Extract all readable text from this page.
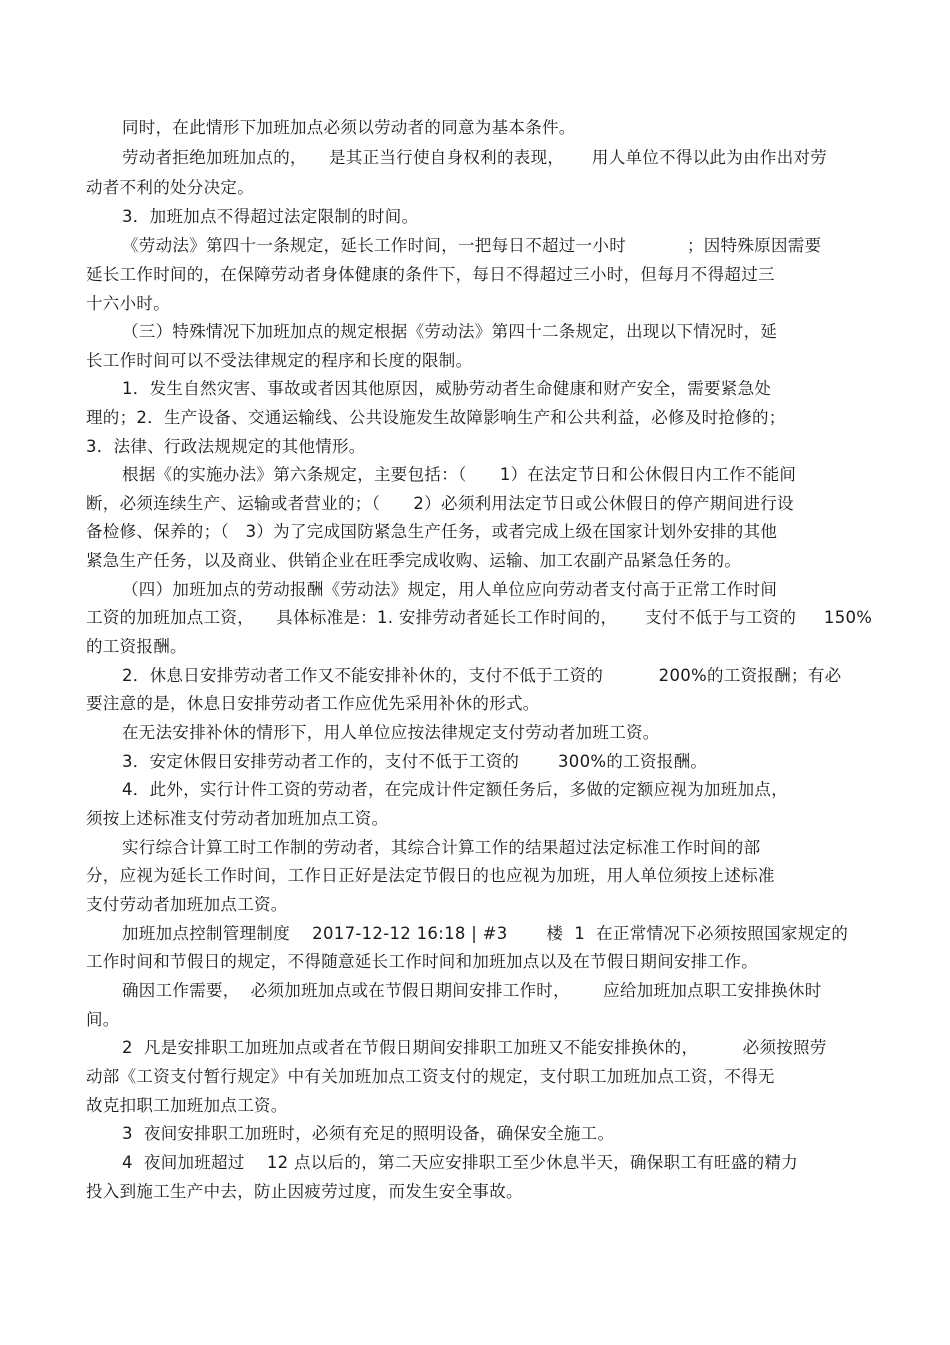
同时，在此情形下加班加点必须以劳动者的同意为基本条件。
劳动者拒绝加班加点的，    是其正当行使自身权利的表现，     用人单位不得以此为由作出对劳
动者不利的处分决定。
3．加班加点不得超过法定限制的时间。
《劳动法》第四十一条规定，延长工作时间，一把每日不超过一小时           ；因特殊原因需要
延长工作时间的，在保障劳动者身体健康的条件下，每日不得超过三小时，但每月不得超过三
十六小时。
（三）特殊情况下加班加点的规定根据《劳动法》第四十二条规定，出现以下情况时，延
长工作时间可以不受法律规定的程序和长度的限制。
1．发生自然灾害、事故或者因其他原因，威胁劳动者生命健康和财产安全，需要紧急处
理的；2．生产设备、交通运输线、公共设施发生故障影响生产和公共利益，必修及时抢修的；
3．法律、行政法规规定的其他情形。
根据《的实施办法》第六条规定，主要包括：（      1）在法定节日和公休假日内工作不能间
断，必须连续生产、运输或者营业的；（      2）必须利用法定节日或公休假日的停产期间进行设
备检修、保养的；（   3）为了完成国防紧急生产任务，或者完成上级在国家计划外安排的其他
紧急生产任务，以及商业、供销企业在旺季完成收购、运输、加工农副产品紧急任务的。
（四）加班加点的劳动报酬《劳动法》规定，用人单位应向劳动者支付高于正常工作时间
工资的加班加点工资，    具体标准是：1. 安排劳动者延长工作时间的，     支付不低于与工资的     150%
的工资报酬。
2．休息日安排劳动者工作又不能安排补休的，支付不低于工资的          200%的工资报酬；有必
要注意的是，休息日安排劳动者工作应优先采用补休的形式。
在无法安排补休的情形下，用人单位应按法律规定支付劳动者加班工资。
3．安定休假日安排劳动者工作的，支付不低于工资的       300%的工资报酬。
4．此外，实行计件工资的劳动者，在完成计件定额任务后，多做的定额应视为加班加点，
须按上述标准支付劳动者加班加点工资。
实行综合计算工时工作制的劳动者，其综合计算工作的结果超过法定标准工作时间的部
分，应视为延长工作时间，工作日正好是法定节假日的也应视为加班，用人单位须按上述标准
支付劳动者加班加点工资。
加班加点控制管理制度    2017-12-12 16:18 | #3       楼  1  在正常情况下必须按照国家规定的
工作时间和节假日的规定，不得随意延长工作时间和加班加点以及在节假日期间安排工作。
确因工作需要，  必须加班加点或在节假日期间安排工作时，      应给加班加点职工安排换休时
间。
2  凡是安排职工加班加点或者在节假日期间安排职工加班又不能安排换休的，        必须按照劳
动部《工资支付暂行规定》中有关加班加点工资支付的规定，支付职工加班加点工资，不得无
故克扣职工加班加点工资。
3  夜间安排职工加班时，必须有充足的照明设备，确保安全施工。
4  夜间加班超过    12 点以后的，第二天应安排职工至少休息半天，确保职工有旺盛的精力
投入到施工生产中去，防止因疲劳过度，而发生安全事故。
